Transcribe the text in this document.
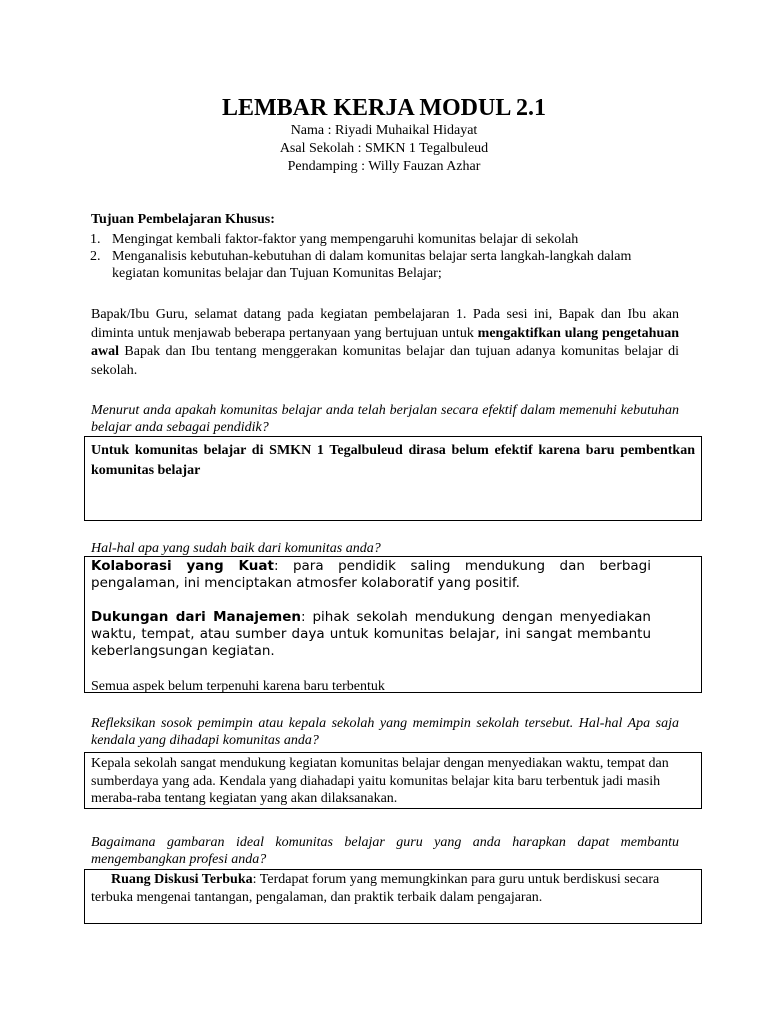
LEMBAR KERJA MODUL 2.1
Nama : Riyadi Muhaikal Hidayat
Asal Sekolah : SMKN 1 Tegalbuleud
Pendamping : Willy Fauzan Azhar
Tujuan Pembelajaran Khusus:
1. Mengingat kembali faktor-faktor yang mempengaruhi komunitas belajar di sekolah
2. Menganalisis kebutuhan-kebutuhan di dalam komunitas belajar serta langkah-langkah dalam kegiatan komunitas belajar dan Tujuan Komunitas Belajar;
Bapak/Ibu Guru, selamat datang pada kegiatan pembelajaran 1. Pada sesi ini, Bapak dan Ibu akan diminta untuk menjawab beberapa pertanyaan yang bertujuan untuk mengaktifkan ulang pengetahuan awal Bapak dan Ibu tentang menggerakan komunitas belajar dan tujuan adanya komunitas belajar di sekolah.
Menurut anda apakah komunitas belajar anda telah berjalan secara efektif dalam memenuhi kebutuhan belajar anda sebagai pendidik?
Untuk komunitas belajar di SMKN 1 Tegalbuleud dirasa belum efektif karena baru pembentkan komunitas belajar
Hal-hal apa yang sudah baik dari komunitas anda?
Kolaborasi yang Kuat: para pendidik saling mendukung dan berbagi pengalaman, ini menciptakan atmosfer kolaboratif yang positif.
Dukungan dari Manajemen: pihak sekolah mendukung dengan menyediakan waktu, tempat, atau sumber daya untuk komunitas belajar, ini sangat membantu keberlangsungan kegiatan.
Semua aspek belum terpenuhi karena baru terbentuk
Refleksikan sosok pemimpin atau kepala sekolah yang memimpin sekolah tersebut. Hal-hal Apa saja kendala yang dihadapi komunitas anda?
Kepala sekolah sangat mendukung kegiatan komunitas belajar dengan menyediakan waktu, tempat dan sumberdaya yang ada. Kendala yang diahadapi yaitu komunitas belajar kita baru terbentuk jadi masih meraba-raba tentang kegiatan yang akan dilaksanakan.
Bagaimana gambaran ideal komunitas belajar guru yang anda harapkan dapat membantu mengembangkan profesi anda?
Ruang Diskusi Terbuka: Terdapat forum yang memungkinkan para guru untuk berdiskusi secara terbuka mengenai tantangan, pengalaman, dan praktik terbaik dalam pengajaran.
